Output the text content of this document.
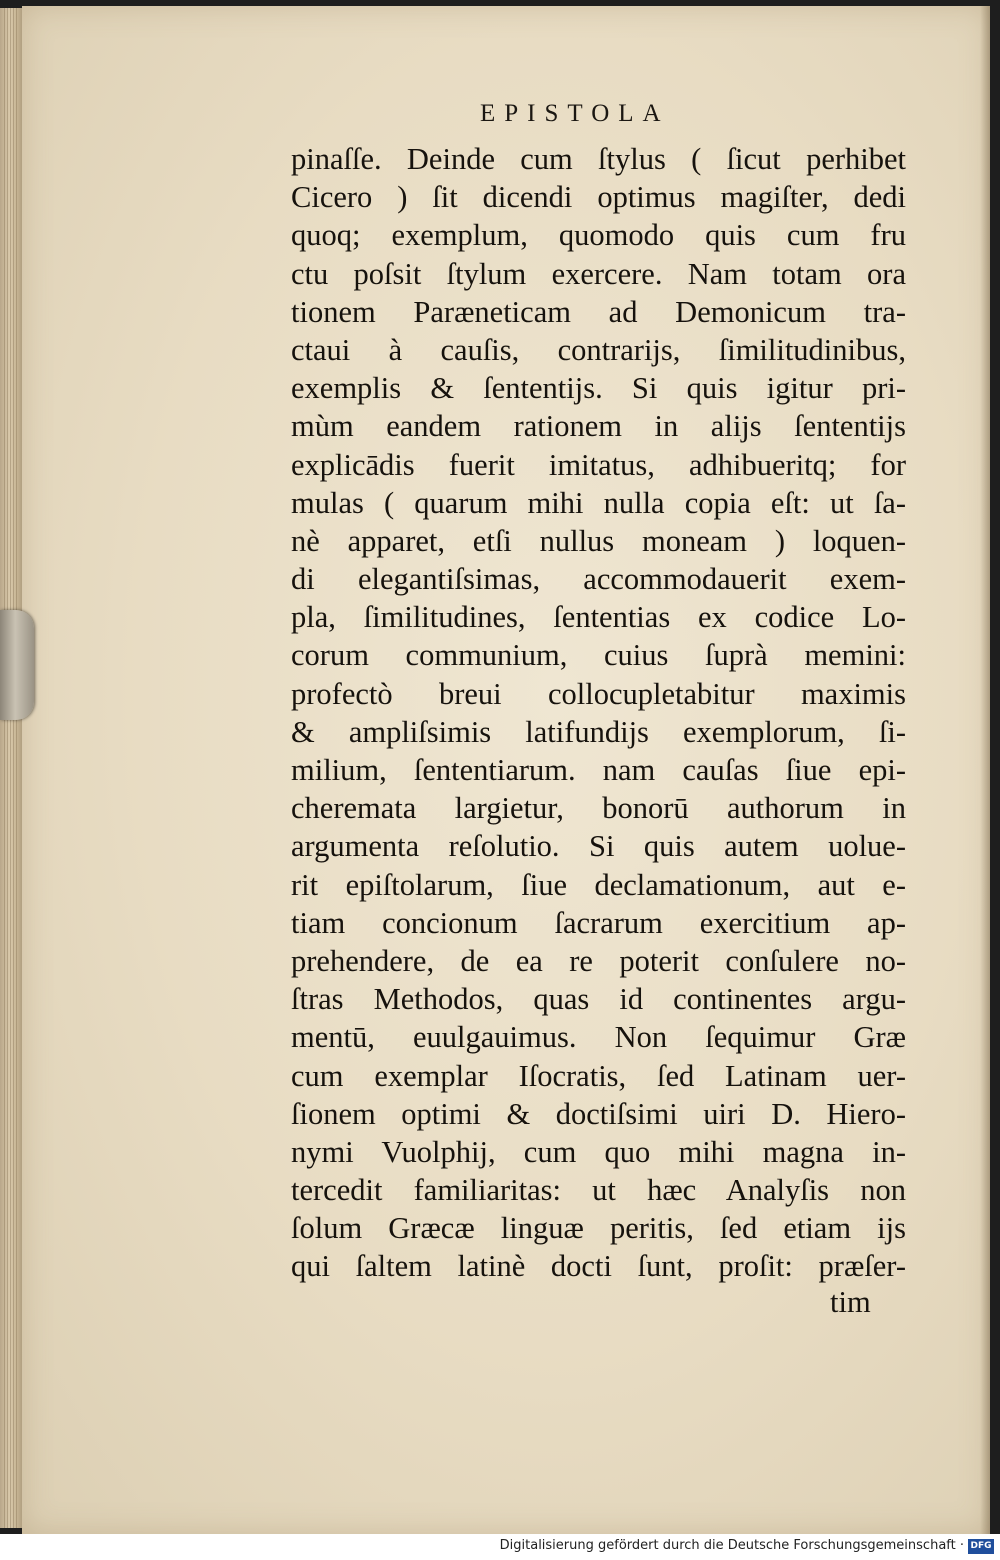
EPISTOLA
pinaſſe. Deinde cum ſtylus ( ſicut perhibet
Cicero ) ſit dicendi optimus magiſter, dedi
quoq; exemplum, quomodo quis cum fru
ctu poſsit ſtylum exercere. Nam totam ora
tionem Paræneticam ad Demonicum tra-
ctaui à cauſis, contrarijs, ſimilitudinibus,
exemplis & ſententijs. Si quis igitur pri-
mùm eandem rationem in alijs ſententijs
explicādis fuerit imitatus, adhibueritq; for
mulas ( quarum mihi nulla copia eſt: ut ſa-
nè apparet, etſi nullus moneam ) loquen-
di elegantiſsimas, accommodauerit exem-
pla, ſimilitudines, ſententias ex codice Lo-
corum communium, cuius ſuprà memini:
profectò breui collocupletabitur maximis
& ampliſsimis latifundijs exemplorum, ſi-
milium, ſententiarum. nam cauſas ſiue epi-
cheremata largietur, bonorū authorum in
argumenta reſolutio. Si quis autem uolue-
rit epiſtolarum, ſiue declamationum, aut e-
tiam concionum ſacrarum exercitium ap-
prehendere, de ea re poterit conſulere no-
ſtras Methodos, quas id continentes argu-
mentū, euulgauimus. Non ſequimur Græ
cum exemplar Iſocratis, ſed Latinam uer-
ſionem optimi & doctiſsimi uiri D. Hiero-
nymi Vuolphij, cum quo mihi magna in-
tercedit familiaritas: ut hæc Analyſis non
ſolum Græcæ linguæ peritis, ſed etiam ijs
qui ſaltem latinè docti ſunt, proſit: præſer-

tim

Digitalisierung gefördert durch die Deutsche Forschungsgemeinschaft · DFG
